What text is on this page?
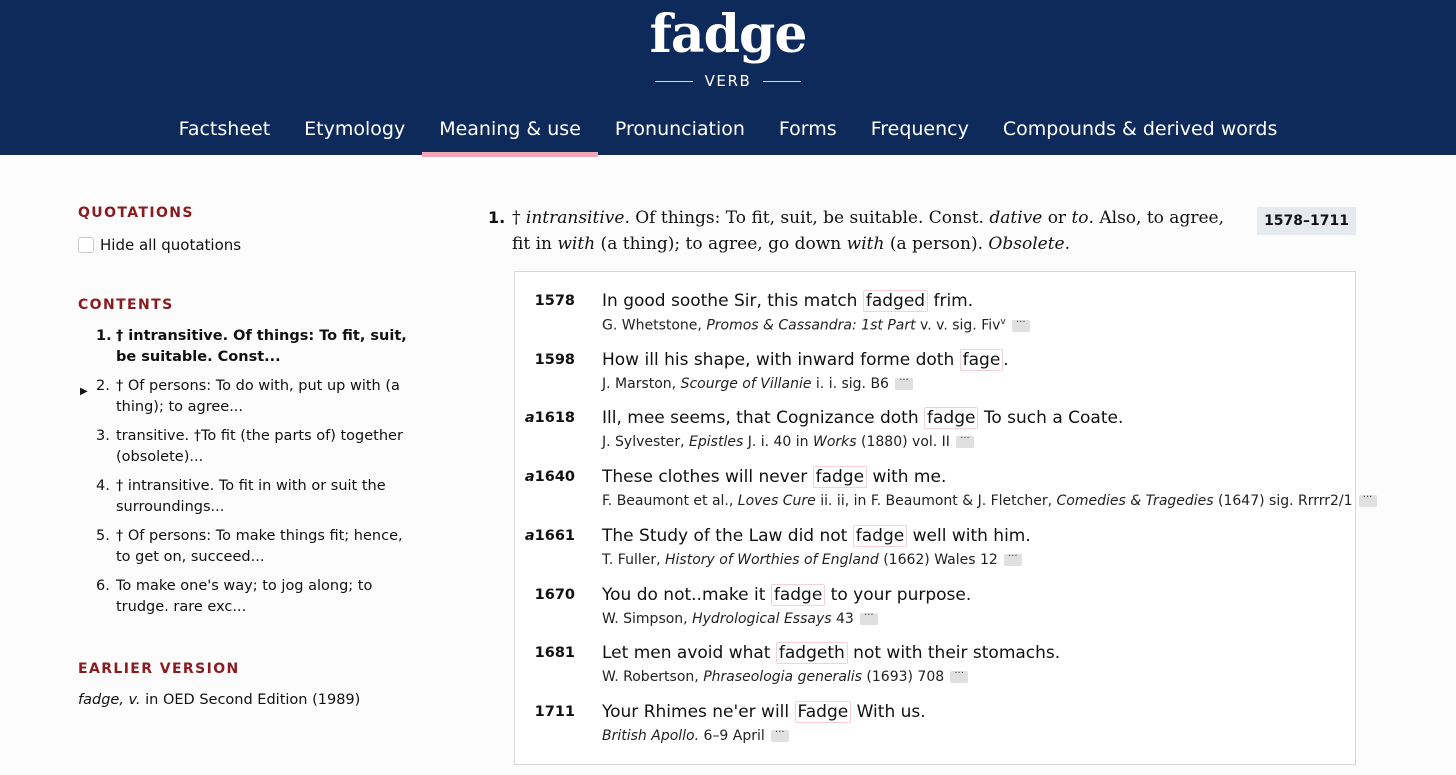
fadge
VERB
Factsheet	Etymology	Meaning & use	Pronunciation	Forms	Frequency	Compounds & derived words
QUOTATIONS
Hide all quotations
CONTENTS
1. † intransitive. Of things: To fit, suit, be suitable. Const...
▶ 2. † Of persons: To do with, put up with (a thing); to agree...
3. transitive. †To fit (the parts of) together (obsolete)...
4. † intransitive. To fit in with or suit the surroundings...
5. † Of persons: To make things fit; hence, to get on, succeed...
6. To make one's way; to jog along; to trudge. rare exc...
EARLIER VERSION
fadge, v. in OED Second Edition (1989)
1. † intransitive. Of things: To fit, suit, be suitable. Const. dative or to. Also, to agree, fit in with (a thing); to agree, go down with (a person). Obsolete.
1578–1711
1578 In good soothe Sir, this match fadged frim.
G. Whetstone, Promos & Cassandra: 1st Part v. v. sig. Fiv$^v$ ···
1598 How ill his shape, with inward forme doth fage .
J. Marston, Scourge of Villanie i. i. sig. B6 ···
a1618 Ill, mee seems, that Cognizance doth fadge To such a Coate.
J. Sylvester, Epistles J. i. 40 in Works (1880) vol. II ···
a1640 These clothes will never fadge with me.
F. Beaumont et al., Loves Cure ii. ii, in F. Beaumont & J. Fletcher, Comedies & Tragedies (1647) sig. Rrrrr2/1 ···
a1661 The Study of the Law did not fadge well with him.
T. Fuller, History of Worthies of England (1662) Wales 12 ···
1670 You do not..make it fadge to your purpose.
W. Simpson, Hydrological Essays 43 ···
1681 Let men avoid what fadgeth not with their stomachs.
W. Robertson, Phraseologia generalis (1693) 708 ···
1711 Your Rhimes ne'er will Fadge With us.
British Apollo. 6–9 April ···
